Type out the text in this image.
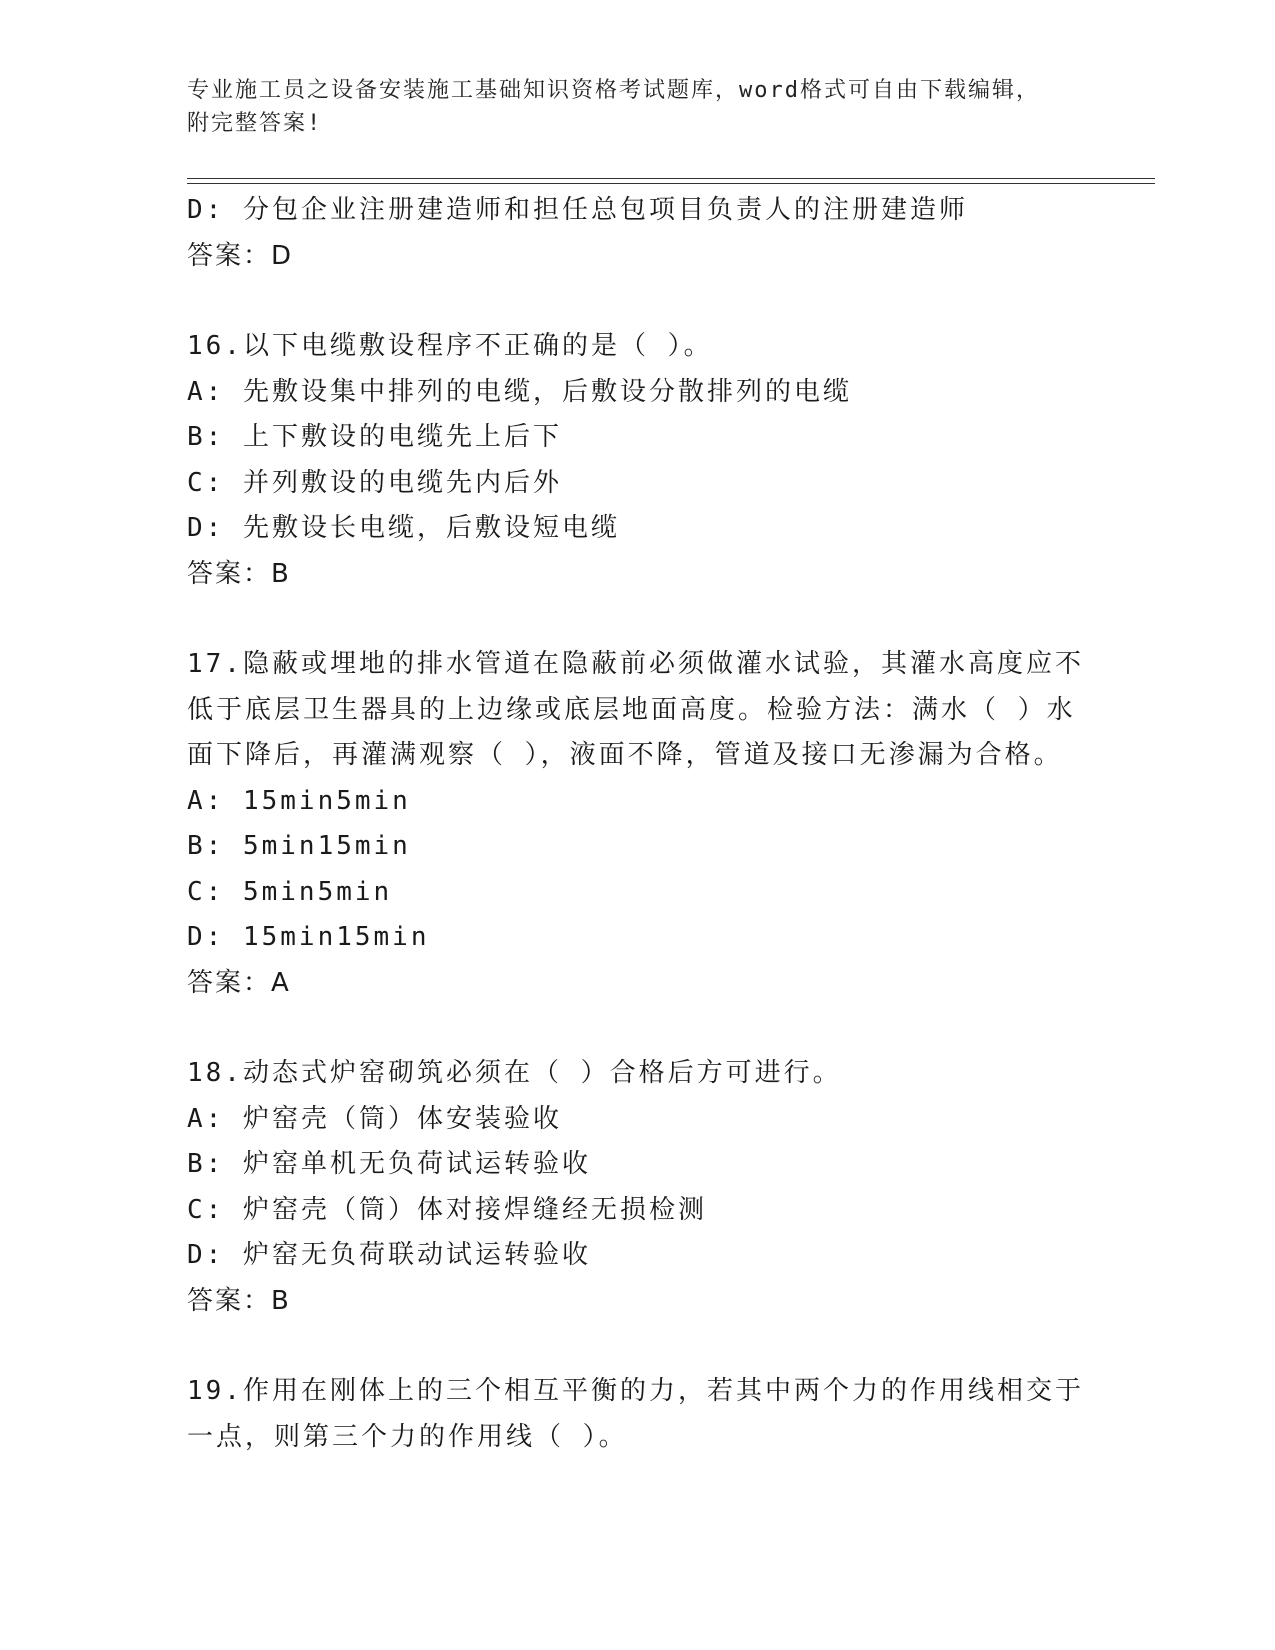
专业施工员之设备安装施工基础知识资格考试题库，word格式可自由下载编辑，
附完整答案!
D: 分包企业注册建造师和担任总包项目负责人的注册建造师
答案：D
16.以下电缆敷设程序不正确的是（ ）。
A: 先敷设集中排列的电缆，后敷设分散排列的电缆
B: 上下敷设的电缆先上后下
C: 并列敷设的电缆先内后外
D: 先敷设长电缆，后敷设短电缆
答案：B
17.隐蔽或埋地的排水管道在隐蔽前必须做灌水试验，其灌水高度应不
低于底层卫生器具的上边缘或底层地面高度。检验方法：满水（ ）水
面下降后，再灌满观察（ ），液面不降，管道及接口无渗漏为合格。
A: 15min5min
B: 5min15min
C: 5min5min
D: 15min15min
答案：A
18.动态式炉窑砌筑必须在（ ）合格后方可进行。
A: 炉窑壳（筒）体安装验收
B: 炉窑单机无负荷试运转验收
C: 炉窑壳（筒）体对接焊缝经无损检测
D: 炉窑无负荷联动试运转验收
答案：B
19.作用在刚体上的三个相互平衡的力，若其中两个力的作用线相交于
一点，则第三个力的作用线（ ）。
